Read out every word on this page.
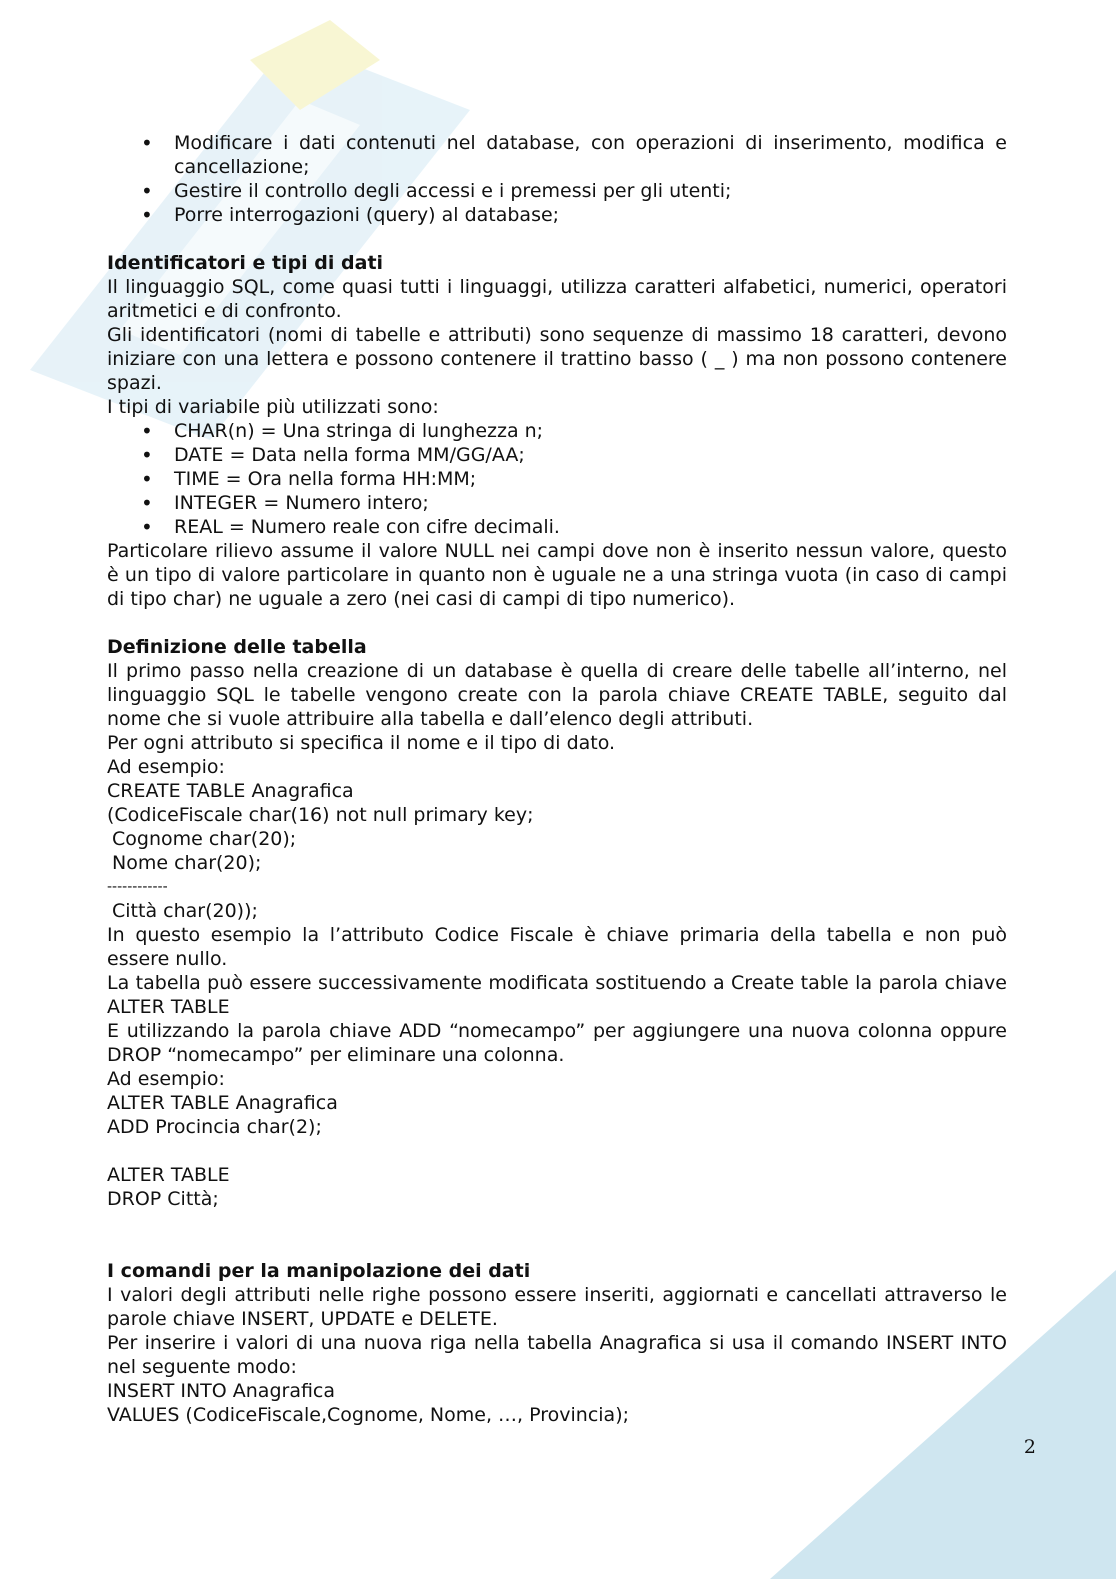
• Modificare i dati contenuti nel database, con operazioni di inserimento, modifica e cancellazione;
• Gestire il controllo degli accessi e i premessi per gli utenti;
• Porre interrogazioni (query) al database;
Identificatori e tipi di dati

Il linguaggio SQL, come quasi tutti i linguaggi, utilizza caratteri alfabetici, numerici, operatori aritmetici e di confronto.

Gli identificatori (nomi di tabelle e attributi) sono sequenze di massimo 18 caratteri, devono iniziare con una lettera e possono contenere il trattino basso ( _ ) ma non possono contenere spazi.

I tipi di variabile più utilizzati sono:

• CHAR(n) = Una stringa di lunghezza n;
• DATE = Data nella forma MM/GG/AA;
• TIME = Ora nella forma HH:MM;
• INTEGER = Numero intero;
• REAL = Numero reale con cifre decimali.

Particolare rilievo assume il valore NULL nei campi dove non è inserito nessun valore, questo è un tipo di valore particolare in quanto non è uguale ne a una stringa vuota (in caso di campi di tipo char) ne uguale a zero (nei casi di campi di tipo numerico).

Definizione delle tabella

Il primo passo nella creazione di un database è quella di creare delle tabelle all’interno, nel linguaggio SQL le tabelle vengono create con la parola chiave CREATE TABLE, seguito dal nome che si vuole attribuire alla tabella e dall’elenco degli attributi.

Per ogni attributo si specifica il nome e il tipo di dato.

Ad esempio:

CREATE TABLE Anagrafica

(CodiceFiscale char(16) not null primary key;

Cognome char(20);

Nome char(20);

------------

Città char(20));

In questo esempio la l’attributo Codice Fiscale è chiave primaria della tabella e non può essere nullo.

La tabella può essere successivamente modificata sostituendo a Create table la parola chiave ALTER TABLE

E utilizzando la parola chiave ADD “nomecampo” per aggiungere una nuova colonna oppure DROP “nomecampo” per eliminare una colonna.

Ad esempio:

ALTER TABLE Anagrafica

ADD Procincia char(2);

ALTER TABLE

DROP Città;

I comandi per la manipolazione dei dati

I valori degli attributi nelle righe possono essere inseriti, aggiornati e cancellati attraverso le parole chiave INSERT, UPDATE e DELETE.

Per inserire i valori di una nuova riga nella tabella Anagrafica si usa il comando INSERT INTO nel seguente modo:

INSERT INTO Anagrafica

VALUES (CodiceFiscale,Cognome, Nome, …, Provincia);

2
